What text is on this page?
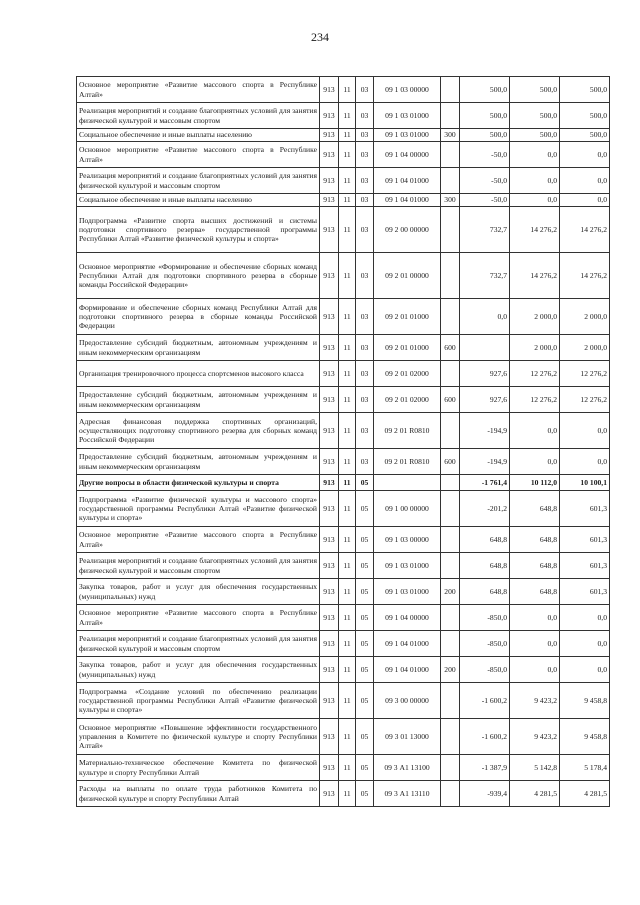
234
Основное мероприятие «Развитие массового спорта в Республике Алтай»	913	11	03	09 1 03 00000		500,0	500,0	500,0
Реализация мероприятий и создание благоприятных условий для занятия физической культурой и массовым спортом	913	11	03	09 1 03 01000		500,0	500,0	500,0
Социальное обеспечение и иные выплаты населению	913	11	03	09 1 03 01000	300	500,0	500,0	500,0
Основное мероприятие «Развитие массового спорта в Республике Алтай»	913	11	03	09 1 04 00000		-50,0	0,0	0,0
Реализация мероприятий и создание благоприятных условий для занятия физической культурой и массовым спортом	913	11	03	09 1 04 01000		-50,0	0,0	0,0
Социальное обеспечение и иные выплаты населению	913	11	03	09 1 04 01000	300	-50,0	0,0	0,0
Подпрограмма «Развитие спорта высших достижений и системы подготовки спортивного резерва» государственной программы Республики Алтай «Развитие физической культуры и спорта»	913	11	03	09 2 00 00000		732,7	14 276,2	14 276,2
Основное мероприятие «Формирование и обеспечение сборных команд Республики Алтай для подготовки спортивного резерва в сборные команды Российской Федерации»	913	11	03	09 2 01 00000		732,7	14 276,2	14 276,2
Формирование и обеспечение сборных команд Республики Алтай для подготовки спортивного резерва в сборные команды Российской Федерации	913	11	03	09 2 01 01000		0,0	2 000,0	2 000,0
Предоставление субсидий бюджетным, автономным учреждениям и иным некоммерческим организациям	913	11	03	09 2 01 01000	600		2 000,0	2 000,0
Организация тренировочного процесса спортсменов высокого класса	913	11	03	09 2 01 02000		927,6	12 276,2	12 276,2
Предоставление субсидий бюджетным, автономным учреждениям и иным некоммерческим организациям	913	11	03	09 2 01 02000	600	927,6	12 276,2	12 276,2
Адресная финансовая поддержка спортивных организаций, осуществляющих подготовку спортивного резерва для сборных команд Российской Федерации	913	11	03	09 2 01 R0810		-194,9	0,0	0,0
Предоставление субсидий бюджетным, автономным учреждениям и иным некоммерческим организациям	913	11	03	09 2 01 R0810	600	-194,9	0,0	0,0
Другие вопросы в области физической культуры и спорта	913	11	05			-1 761,4	10 112,0	10 100,1
Подпрограмма «Развитие физической культуры и массового спорта» государственной программы Республики Алтай «Развитие физической культуры и спорта»	913	11	05	09 1 00 00000		-201,2	648,8	601,3
Основное мероприятие «Развитие массового спорта в Республике Алтай»	913	11	05	09 1 03 00000		648,8	648,8	601,3
Реализация мероприятий и создание благоприятных условий для занятия физической культурой и массовым спортом	913	11	05	09 1 03 01000		648,8	648,8	601,3
Закупка товаров, работ и услуг для обеспечения государственных (муниципальных) нужд	913	11	05	09 1 03 01000	200	648,8	648,8	601,3
Основное мероприятие «Развитие массового спорта в Республике Алтай»	913	11	05	09 1 04 00000		-850,0	0,0	0,0
Реализация мероприятий и создание благоприятных условий для занятия физической культурой и массовым спортом	913	11	05	09 1 04 01000		-850,0	0,0	0,0
Закупка товаров, работ и услуг для обеспечения государственных (муниципальных) нужд	913	11	05	09 1 04 01000	200	-850,0	0,0	0,0
Подпрограмма «Создание условий по обеспечению реализации государственной программы Республики Алтай «Развитие физической культуры и спорта»	913	11	05	09 3 00 00000		-1 600,2	9 423,2	9 458,8
Основное мероприятие «Повышение эффективности государственного управления в Комитете по физической культуре и спорту Республики Алтай»	913	11	05	09 3 01 13000		-1 600,2	9 423,2	9 458,8
Материально-техническое обеспечение Комитета по физической культуре и спорту Республики Алтай	913	11	05	09 3 А1 13100		-1 387,9	5 142,8	5 178,4
Расходы на выплаты по оплате труда работников Комитета по физической культуре и спорту Республики Алтай	913	11	05	09 3 А1 13110		-939,4	4 281,5	4 281,5
